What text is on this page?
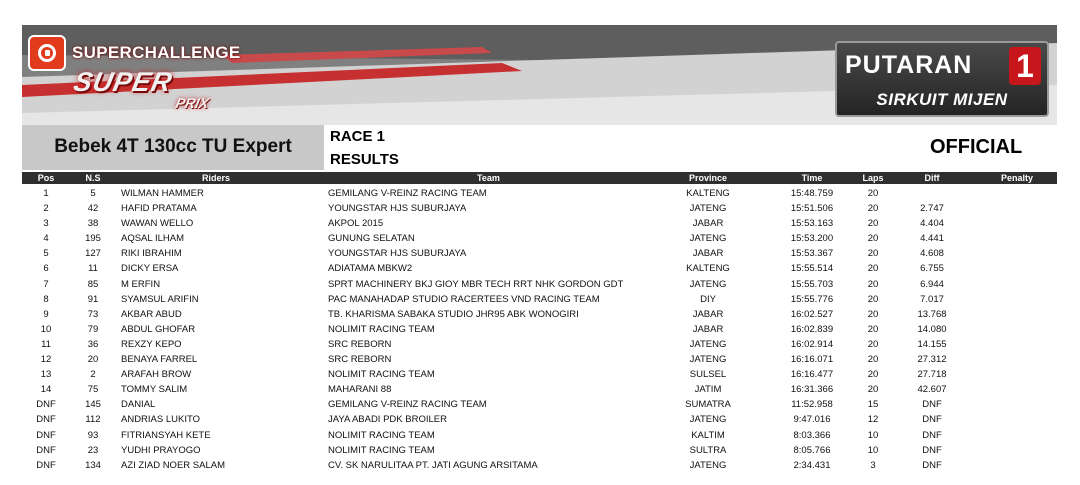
SUPERCHALLENGE
SUPER
PRIX
PUTARAN 1
SIRKUIT MIJEN
Bebek 4T 130cc TU Expert	RACE 1
RESULTS
OFFICIAL
Pos	N.S	Riders	Team	Province	Time	Laps	Diff	Penalty
1	5	WILMAN HAMMER	GEMILANG V-REINZ RACING TEAM	KALTENG	15:48.759	20
2	42	HAFID PRATAMA	YOUNGSTAR HJS SUBURJAYA	JATENG	15:51.506	20	2.747
3	38	WAWAN WELLO	AKPOL 2015	JABAR	15:53.163	20	4.404
4	195	AQSAL ILHAM	GUNUNG SELATAN	JATENG	15:53.200	20	4.441
5	127	RIKI IBRAHIM	YOUNGSTAR HJS SUBURJAYA	JABAR	15:53.367	20	4.608
6	11	DICKY ERSA	ADIATAMA MBKW2	KALTENG	15:55.514	20	6.755
7	85	M ERFIN	SPRT MACHINERY BKJ GIOY MBR TECH RRT NHK GORDON GDT	JATENG	15:55.703	20	6.944
8	91	SYAMSUL ARIFIN	PAC MANAHADAP STUDIO RACERTEES VND RACING TEAM	DIY	15:55.776	20	7.017
9	73	AKBAR ABUD	TB. KHARISMA SABAKA STUDIO JHR95 ABK WONOGIRI	JABAR	16:02.527	20	13.768
10	79	ABDUL GHOFAR	NOLIMIT RACING TEAM	JABAR	16:02.839	20	14.080
11	36	REXZY KEPO	SRC REBORN	JATENG	16:02.914	20	14.155
12	20	BENAYA FARREL	SRC REBORN	JATENG	16:16.071	20	27.312
13	2	ARAFAH BROW	NOLIMIT RACING TEAM	SULSEL	16:16.477	20	27.718
14	75	TOMMY SALIM	MAHARANI 88	JATIM	16:31.366	20	42.607
DNF	145	DANIAL	GEMILANG V-REINZ RACING TEAM	SUMATRA	11:52.958	15	DNF
DNF	112	ANDRIAS LUKITO	JAYA ABADI PDK BROILER	JATENG	9:47.016	12	DNF
DNF	93	FITRIANSYAH KETE	NOLIMIT RACING TEAM	KALTIM	8:03.366	10	DNF
DNF	23	YUDHI PRAYOGO	NOLIMIT RACING TEAM	SULTRA	8:05.766	10	DNF
DNF	134	AZI ZIAD NOER SALAM	CV. SK NARULITAA PT. JATI AGUNG ARSITAMA	JATENG	2:34.431	3	DNF
